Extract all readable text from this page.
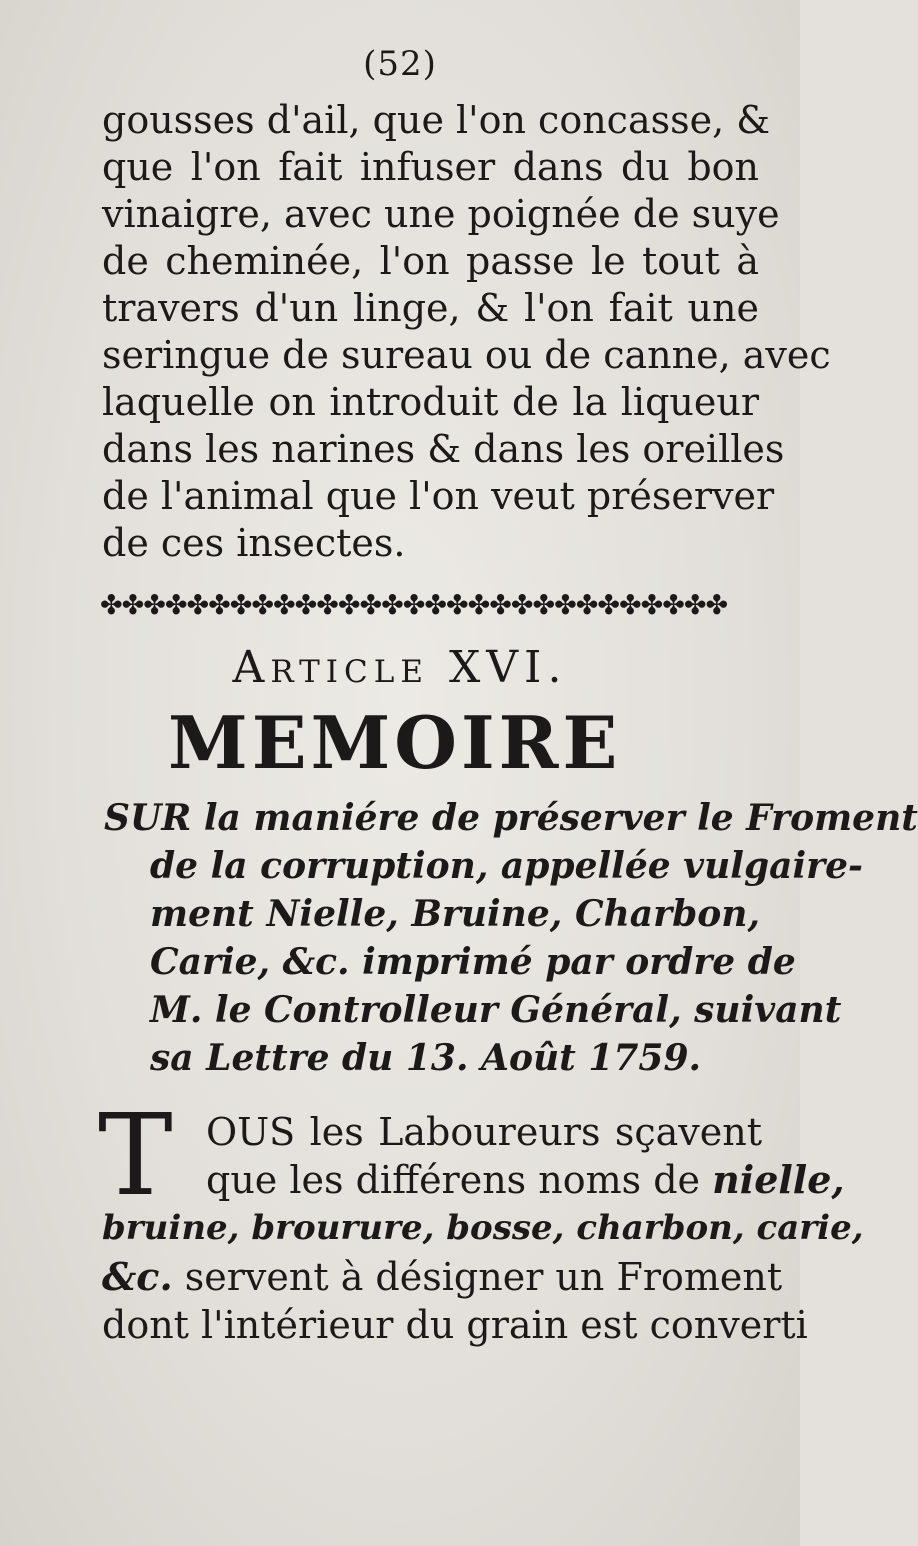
(52)

gousses d'ail, que l'on concasse, &

que l'on fait infuser dans du bon

vinaigre, avec une poignée de suye

de cheminée, l'on passe le tout à

travers d'un linge, & l'on fait une

seringue de sureau ou de canne, avec

laquelle on introduit de la liqueur

dans les narines & dans les oreilles

de l'animal que l'on veut préserver

de ces insectes.

✤✤✤✤✤✤✤✤✤✤✤✤✤✤✤✤✤✤✤✤✤✤✤✤✤✤✤✤✤
Article XVI.
MEMOIRE

SUR la maniére de préserver le Froment

de la corruption, appellée vulgaire-

ment Nielle, Bruine, Charbon,

Carie, &c. imprimé par ordre de

M. le Controlleur Général, suivant

sa Lettre du 13. Août 1759.

T OUS les Laboureurs sçavent

que les différens noms de nielle,

bruine, brourure, bosse, charbon, carie,

&c. servent à désigner un Froment

dont l'intérieur du grain est converti
